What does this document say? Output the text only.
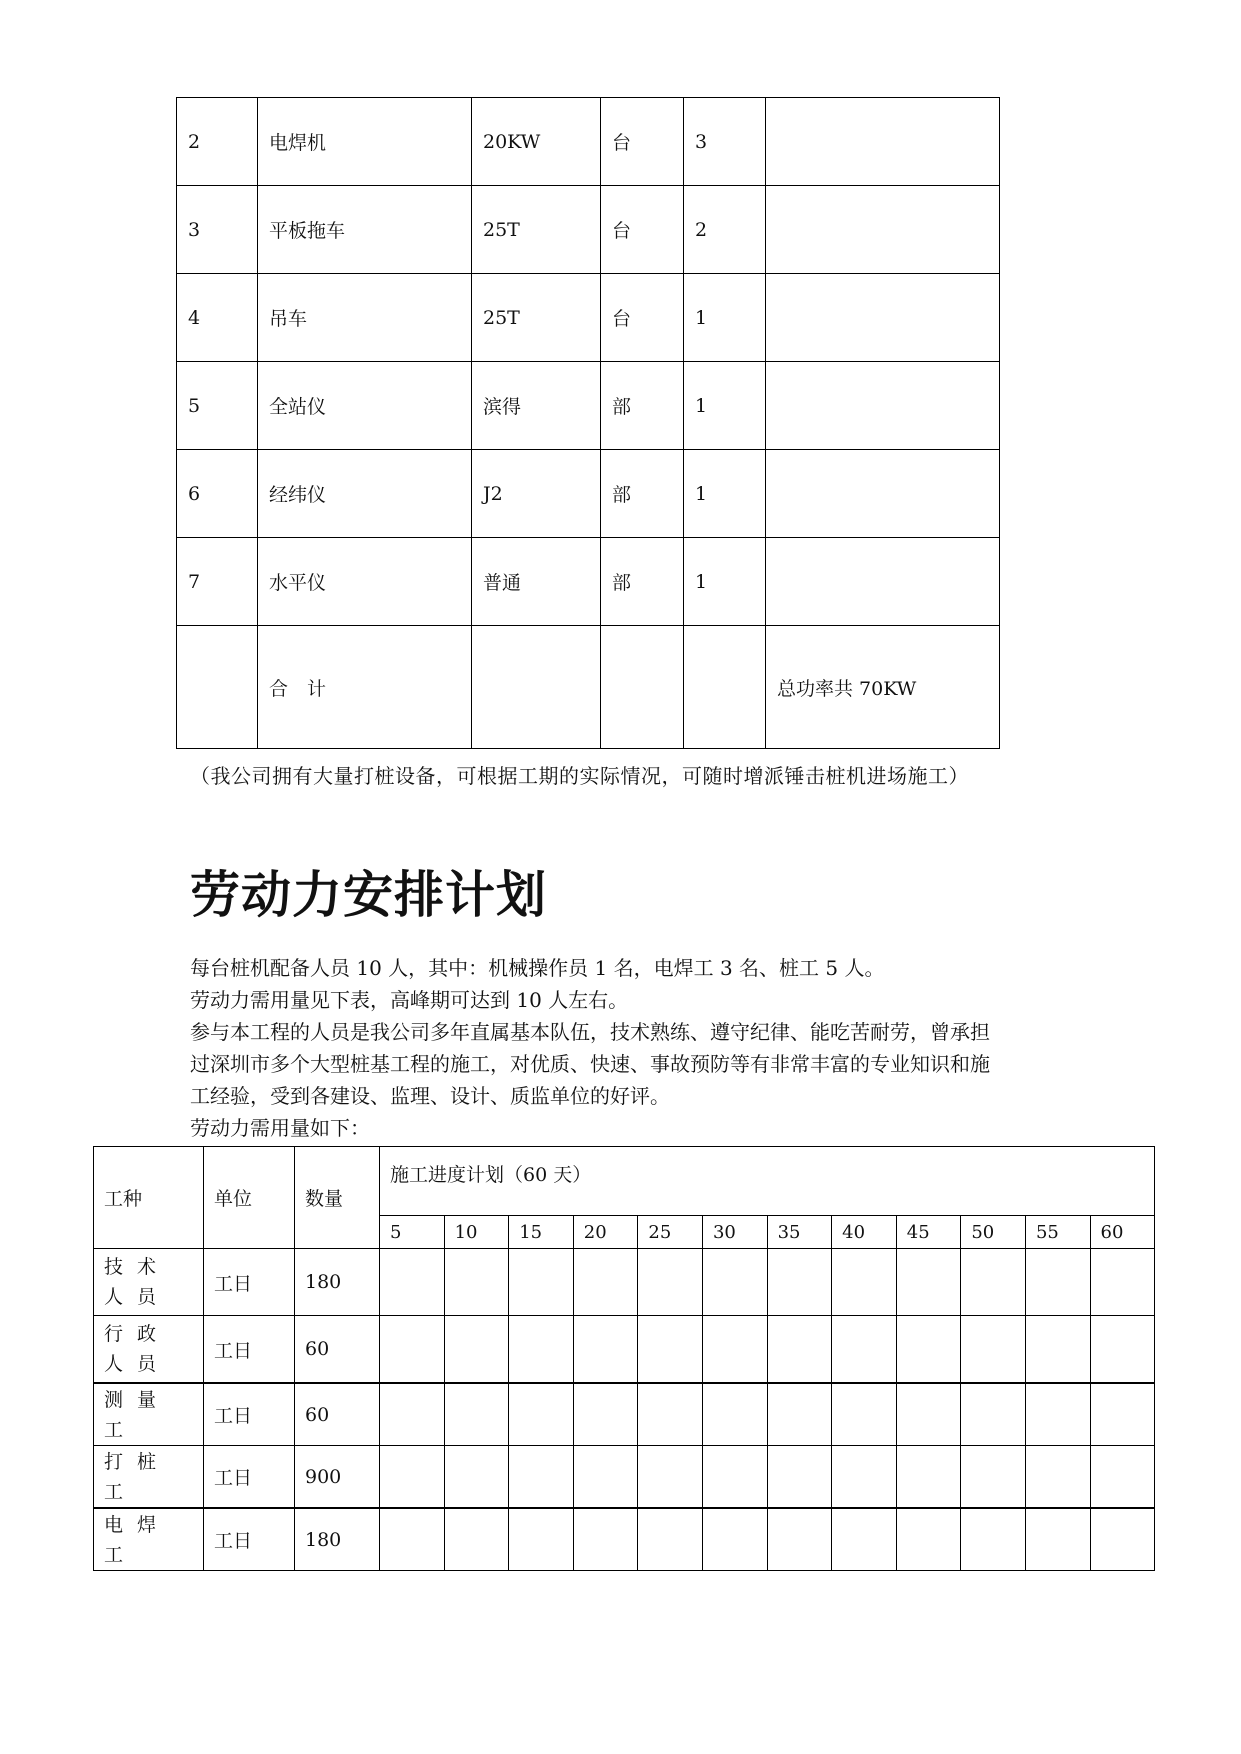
2	电焊机	20KW	台	3	
3	平板拖车	25T	台	2	
4	吊车	25T	台	1	
5	全站仪	滨得	部	1	
6	经纬仪	J2	部	1	
7	水平仪	普通	部	1	
	合　计				总功率共 70KW
（我公司拥有大量打桩设备，可根据工期的实际情况，可随时增派锤击桩机进场施工）
劳动力安排计划

每台桩机配备人员 10 人，其中：机械操作员 1 名，电焊工 3 名、桩工 5 人。

劳动力需用量见下表，高峰期可达到 10 人左右。

参与本工程的人员是我公司多年直属基本队伍，技术熟练、遵守纪律、能吃苦耐劳，曾承担

过深圳市多个大型桩基工程的施工，对优质、快速、事故预防等有非常丰富的专业知识和施

工经验，受到各建设、监理、设计、质监单位的好评。

劳动力需用量如下：

工种	单位	数量	施工进度计划（60 天）											
			5	10	15	20	25	30	35	40	45	50	55	60
技术人员	工日	180												
行政人员	工日	60												
测量工	工日	60												
打桩工	工日	900												
电焊工	工日	180												
